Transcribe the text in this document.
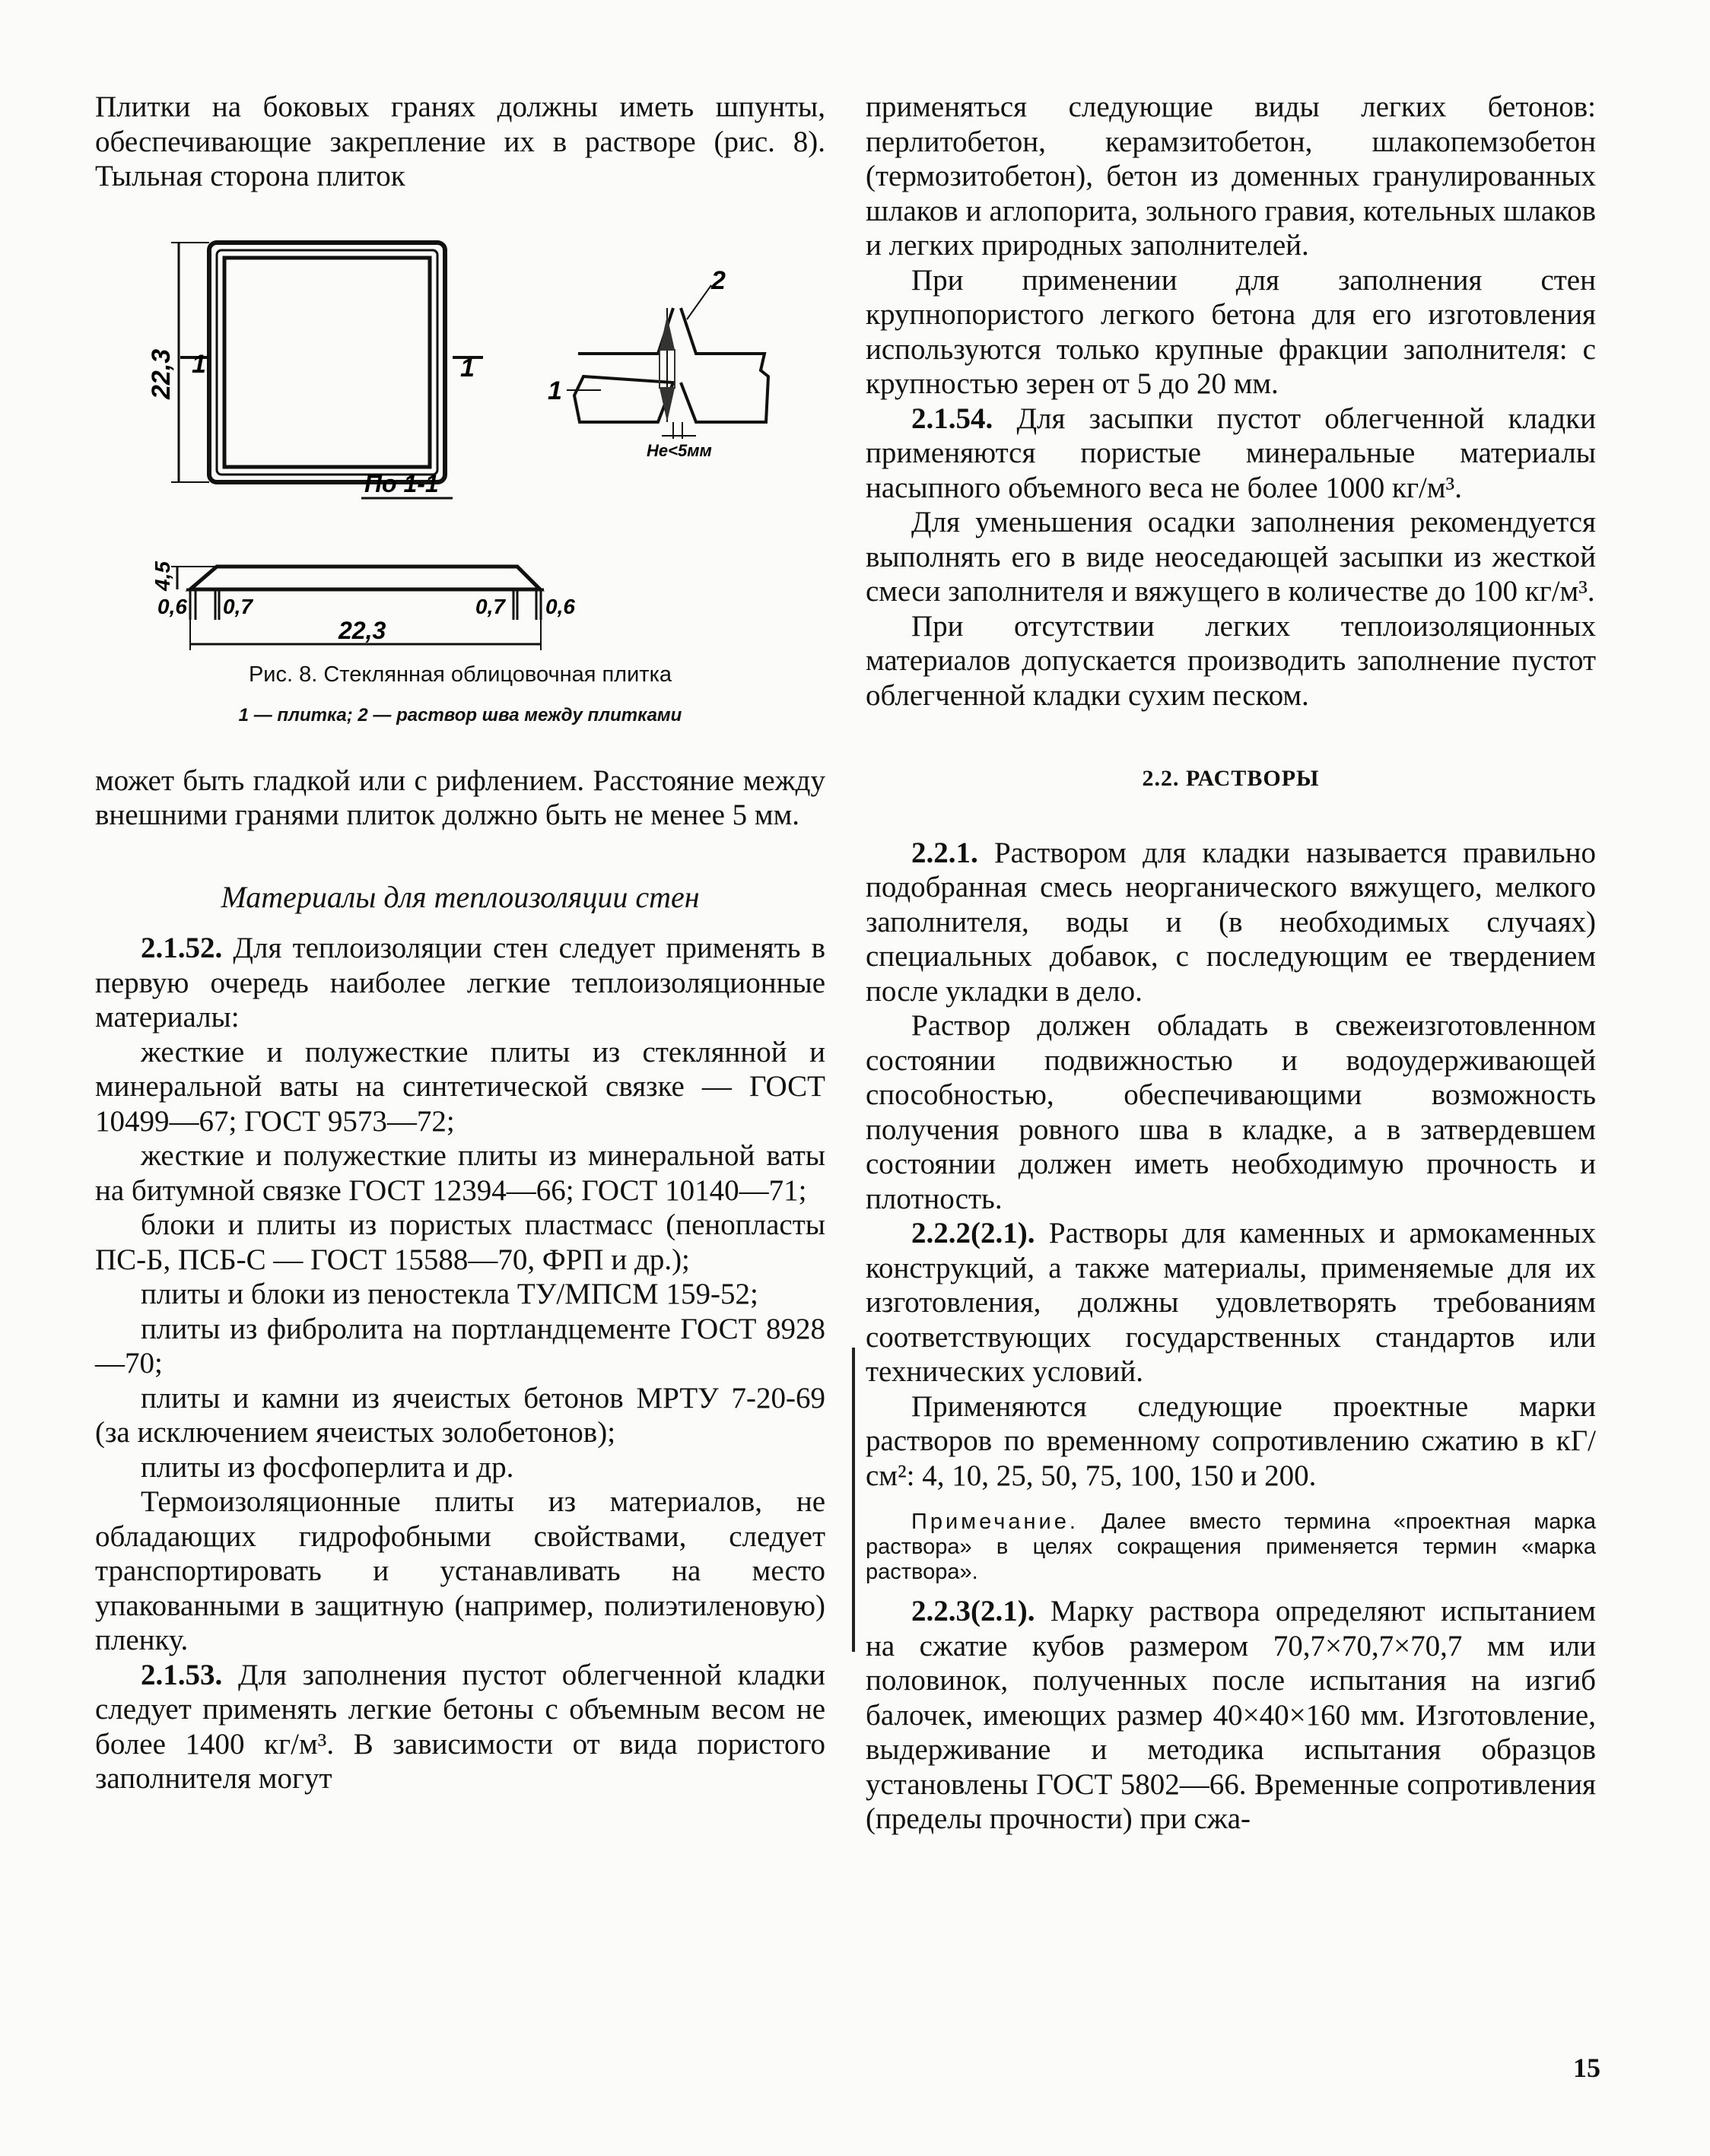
Плитки на боковых гранях должны иметь шпунты, обеспечивающие закрепление их в растворе (рис. 8). Тыльная сторона плиток

1	1
22,3
По 1-1
2
1
Не<5мм
4,5
0,6 0,7	0,7 0,6
22,3
Рис. 8. Стеклянная облицовочная плитка
1 — плитка; 2 — раствор шва между плитками

может быть гладкой или с рифлением. Расстояние между внешними гранями плиток должно быть не менее 5 мм.

Материалы для теплоизоляции стен

2.1.52. Для теплоизоляции стен следует применять в первую очередь наиболее легкие теплоизоляционные материалы:

жесткие и полужесткие плиты из стеклянной и минеральной ваты на синтетической связке — ГОСТ 10499—67; ГОСТ 9573—72;

жесткие и полужесткие плиты из минеральной ваты на битумной связке ГОСТ 12394—66; ГОСТ 10140—71;

блоки и плиты из пористых пластмасс (пенопласты ПС-Б, ПСБ-С — ГОСТ 15588—70, ФРП и др.);

плиты и блоки из пеностекла ТУ/МПСМ 159-52;

плиты из фибролита на портландцементе ГОСТ 8928—70;

плиты и камни из ячеистых бетонов МРТУ 7-20-69 (за исключением ячеистых золобетонов);

плиты из фосфоперлита и др.

Термоизоляционные плиты из материалов, не обладающих гидрофобными свойствами, следует транспортировать и устанавливать на место упакованными в защитную (например, полиэтиленовую) пленку.

2.1.53. Для заполнения пустот облегченной кладки следует применять легкие бетоны с объемным весом не более 1400 кг/м³. В зависимости от вида пористого заполнителя могут

применяться следующие виды легких бетонов: перлитобетон, керамзитобетон, шлакопемзобетон (термозитобетон), бетон из доменных гранулированных шлаков и аглопорита, зольного гравия, котельных шлаков и легких природных заполнителей.

При применении для заполнения стен крупнопористого легкого бетона для его изготовления используются только крупные фракции заполнителя: с крупностью зерен от 5 до 20 мм.

2.1.54. Для засыпки пустот облегченной кладки применяются пористые минеральные материалы насыпного объемного веса не более 1000 кг/м³.

Для уменьшения осадки заполнения рекомендуется выполнять его в виде неоседающей засыпки из жесткой смеси заполнителя и вяжущего в количестве до 100 кг/м³.

При отсутствии легких теплоизоляционных материалов допускается производить заполнение пустот облегченной кладки сухим песком.

2.2. РАСТВОРЫ

2.2.1. Раствором для кладки называется правильно подобранная смесь неорганического вяжущего, мелкого заполнителя, воды и (в необходимых случаях) специальных добавок, с последующим ее твердением после укладки в дело.

Раствор должен обладать в свежеизготовленном состоянии подвижностью и водоудерживающей способностью, обеспечивающими возможность получения ровного шва в кладке, а в затвердевшем состоянии должен иметь необходимую прочность и плотность.

2.2.2(2.1). Растворы для каменных и армокаменных конструкций, а также материалы, применяемые для их изготовления, должны удовлетворять требованиям соответствующих государственных стандартов или технических условий.

Применяются следующие проектные марки растворов по временному сопротивлению сжатию в кГ/см²: 4, 10, 25, 50, 75, 100, 150 и 200.

Примечание. Далее вместо термина «проектная марка раствора» в целях сокращения применяется термин «марка раствора».

2.2.3(2.1). Марку раствора определяют испытанием на сжатие кубов размером 70,7×70,7×70,7 мм или половинок, полученных после испытания на изгиб балочек, имеющих размер 40×40×160 мм. Изготовление, выдерживание и методика испытания образцов установлены ГОСТ 5802—66. Временные сопротивления (пределы прочности) при сжа-

15
